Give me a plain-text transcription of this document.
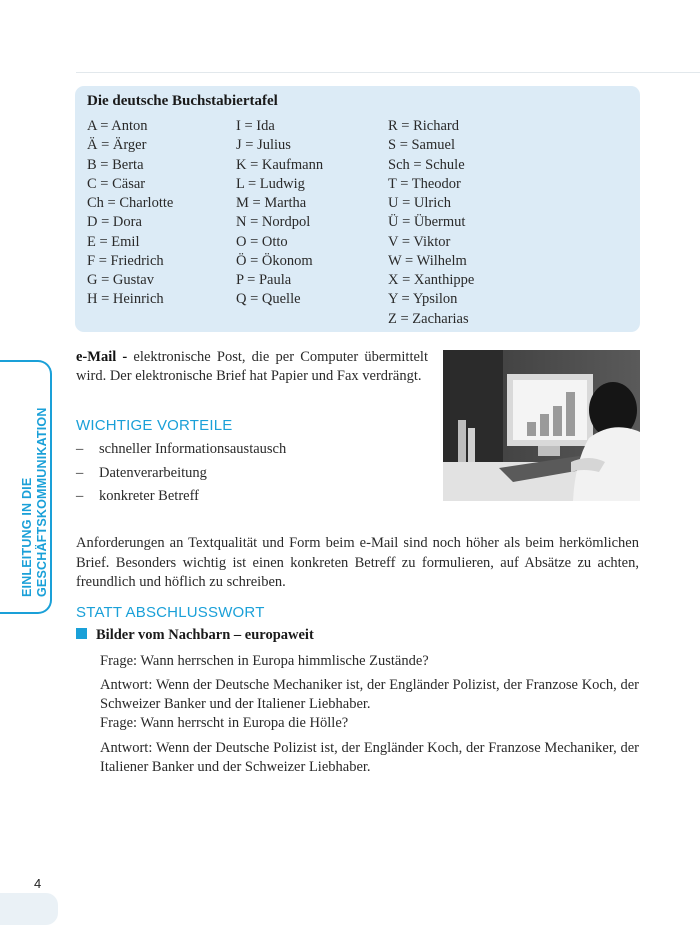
Die deutsche Buchstabiertafel
A = Anton
Ä = Ärger
B = Berta
C = Cäsar
Ch = Charlotte
D = Dora
E = Emil
F = Friedrich
G = Gustav
H = Heinrich
I = Ida
J = Julius
K = Kaufmann
L = Ludwig
M = Martha
N = Nordpol
O = Otto
Ö = Ökonom
P = Paula
Q = Quelle
R = Richard
S = Samuel
Sch = Schule
T = Theodor
U = Ulrich
Ü = Übermut
V = Viktor
W = Wilhelm
X = Xanthippe
Y = Ypsilon
Z = Zacharias
e-Mail - elektronische Post, die per Computer übermittelt wird. Der elektronische Brief hat Papier und Fax verdrängt.
WICHTIGE VORTEILE
– schneller Informationsaustausch
– Datenverarbeitung
– konkreter Betreff
Anforderungen an Textqualität und Form beim e-Mail sind noch höher als beim herkömlichen Brief. Besonders wichtig ist einen konkreten Betreff zu formulieren, auf Absätze zu achten, freundlich und höflich zu schreiben.
STATT ABSCHLUSSWORT
Bilder vom Nachbarn – europaweit
Frage: Wann herrschen in Europa himmlische Zustände?
Antwort: Wenn der Deutsche Mechaniker ist, der Engländer Polizist, der Franzose Koch, der Schweizer Banker und der Italiener Liebhaber.
Frage: Wann herrscht in Europa die Hölle?
Antwort: Wenn der Deutsche Polizist ist, der Engländer Koch, der Franzose Mechaniker, der Italiener Banker und der Schweizer Liebhaber.
EINLEITUNG IN DIE GESCHÄFTSKOMMUNIKATION
4
